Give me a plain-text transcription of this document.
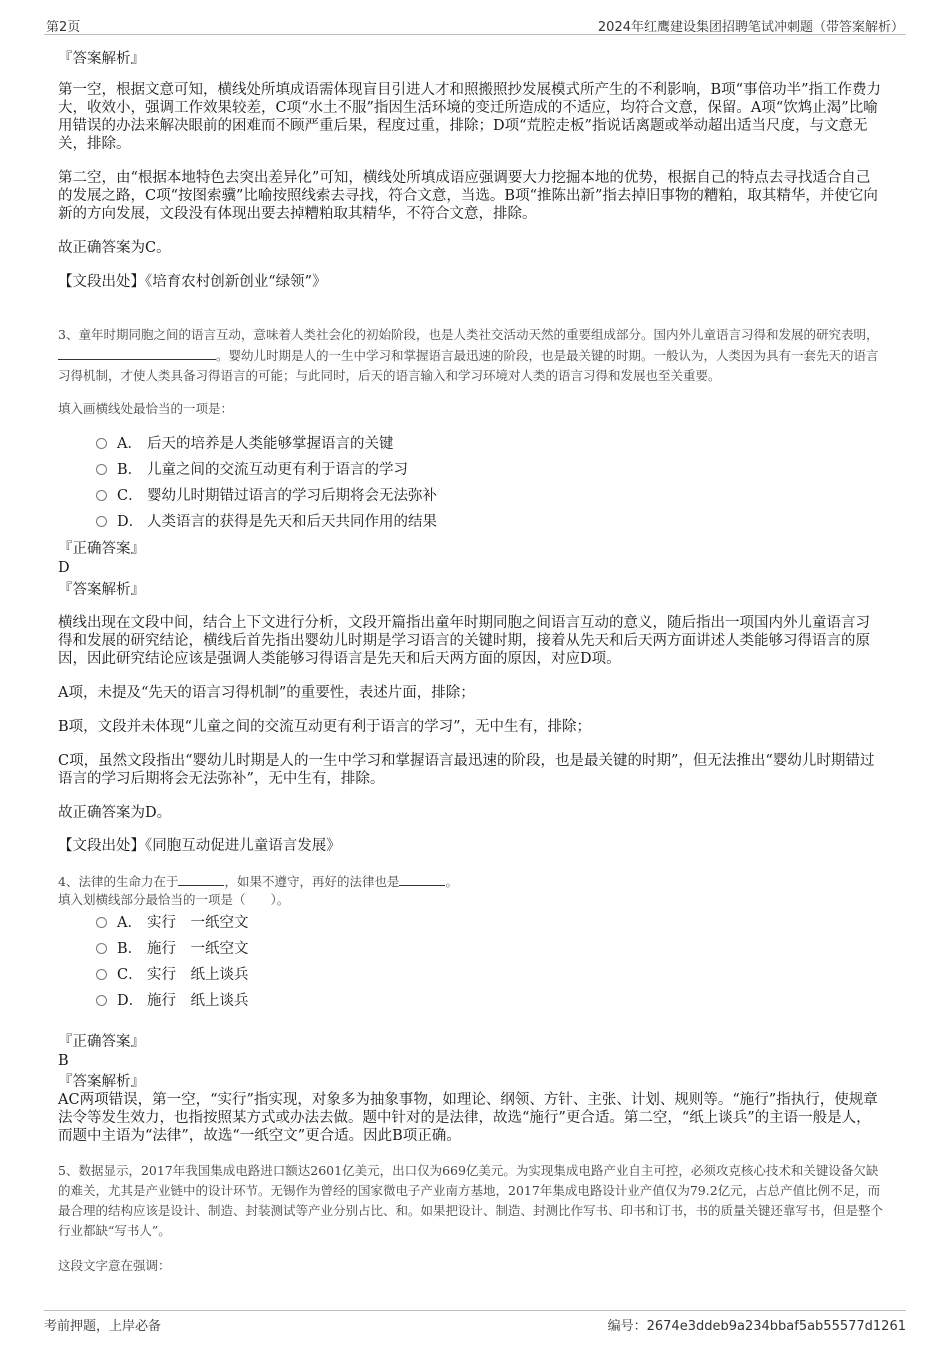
第2页	2024年红鹰建设集团招聘笔试冲刺题（带答案解析）
『答案解析』
第一空，根据文意可知，横线处所填成语需体现盲目引进人才和照搬照抄发展模式所产生的不利影响，B项“事倍功半”指工作费力大，收效小，强调工作效果较差，C项“水土不服”指因生活环境的变迁所造成的不适应，均符合文意，保留。A项“饮鸩止渴”比喻用错误的办法来解决眼前的困难而不顾严重后果，程度过重，排除；D项“荒腔走板”指说话离题或举动超出适当尺度，与文意无关，排除。
第二空，由“根据本地特色去突出差异化”可知，横线处所填成语应强调要大力挖掘本地的优势，根据自己的特点去寻找适合自己的发展之路，C项“按图索骥”比喻按照线索去寻找，符合文意，当选。B项“推陈出新”指去掉旧事物的糟粕，取其精华，并使它向新的方向发展，文段没有体现出要去掉糟粕取其精华，不符合文意，排除。
故正确答案为C。
【文段出处】《培育农村创新创业“绿领”》
3、童年时期同胞之间的语言互动，意味着人类社会化的初始阶段，也是人类社交活动天然的重要组成部分。国内外儿童语言习得和发展的研究表明，。婴幼儿时期是人的一生中学习和掌握语言最迅速的阶段，也是最关键的时期。一般认为，人类因为具有一套先天的语言习得机制，才使人类具备习得语言的可能；与此同时，后天的语言输入和学习环境对人类的语言习得和发展也至关重要。
填入画横线处最恰当的一项是：
A． 后天的培养是人类能够掌握语言的关键
B． 儿童之间的交流互动更有利于语言的学习
C． 婴幼儿时期错过语言的学习后期将会无法弥补
D． 人类语言的获得是先天和后天共同作用的结果
『正确答案』
D
『答案解析』
横线出现在文段中间，结合上下文进行分析，文段开篇指出童年时期同胞之间语言互动的意义，随后指出一项国内外儿童语言习得和发展的研究结论，横线后首先指出婴幼儿时期是学习语言的关键时期，接着从先天和后天两方面讲述人类能够习得语言的原因，因此研究结论应该是强调人类能够习得语言是先天和后天两方面的原因，对应D项。
A项，未提及“先天的语言习得机制”的重要性，表述片面，排除；
B项，文段并未体现“儿童之间的交流互动更有利于语言的学习”，无中生有，排除；
C项，虽然文段指出“婴幼儿时期是人的一生中学习和掌握语言最迅速的阶段，也是最关键的时期”，但无法推出“婴幼儿时期错过语言的学习后期将会无法弥补”，无中生有，排除。
故正确答案为D。
【文段出处】《同胞互动促进儿童语言发展》
4、法律的生命力在于	，如果不遵守，再好的法律也是	。
填入划横线部分最恰当的一项是（　　）。
A． 实行　一纸空文
B． 施行　一纸空文
C． 实行　纸上谈兵
D． 施行　纸上谈兵
『正确答案』
B
『答案解析』
AC两项错误，第一空，“实行”指实现，对象多为抽象事物，如理论、纲领、方针、主张、计划、规则等。“施行”指执行，使规章法令等发生效力，也指按照某方式或办法去做。题中针对的是法律，故选“施行”更合适。第二空，“纸上谈兵”的主语一般是人，而题中主语为“法律”，故选“一纸空文”更合适。因此B项正确。
5、数据显示，2017年我国集成电路进口额达2601亿美元，出口仅为669亿美元。为实现集成电路产业自主可控，必须攻克核心技术和关键设备欠缺的难关，尤其是产业链中的设计环节。无锡作为曾经的国家微电子产业南方基地，2017年集成电路设计业产值仅为79.2亿元，占总产值比例不足，而最合理的结构应该是设计、制造、封装测试等产业分别占比、和。如果把设计、制造、封测比作写书、印书和订书，书的质量关键还靠写书，但是整个行业都缺“写书人”。
这段文字意在强调：
考前押题，上岸必备	编号：2674e3ddeb9a234bbaf5ab55577d1261
